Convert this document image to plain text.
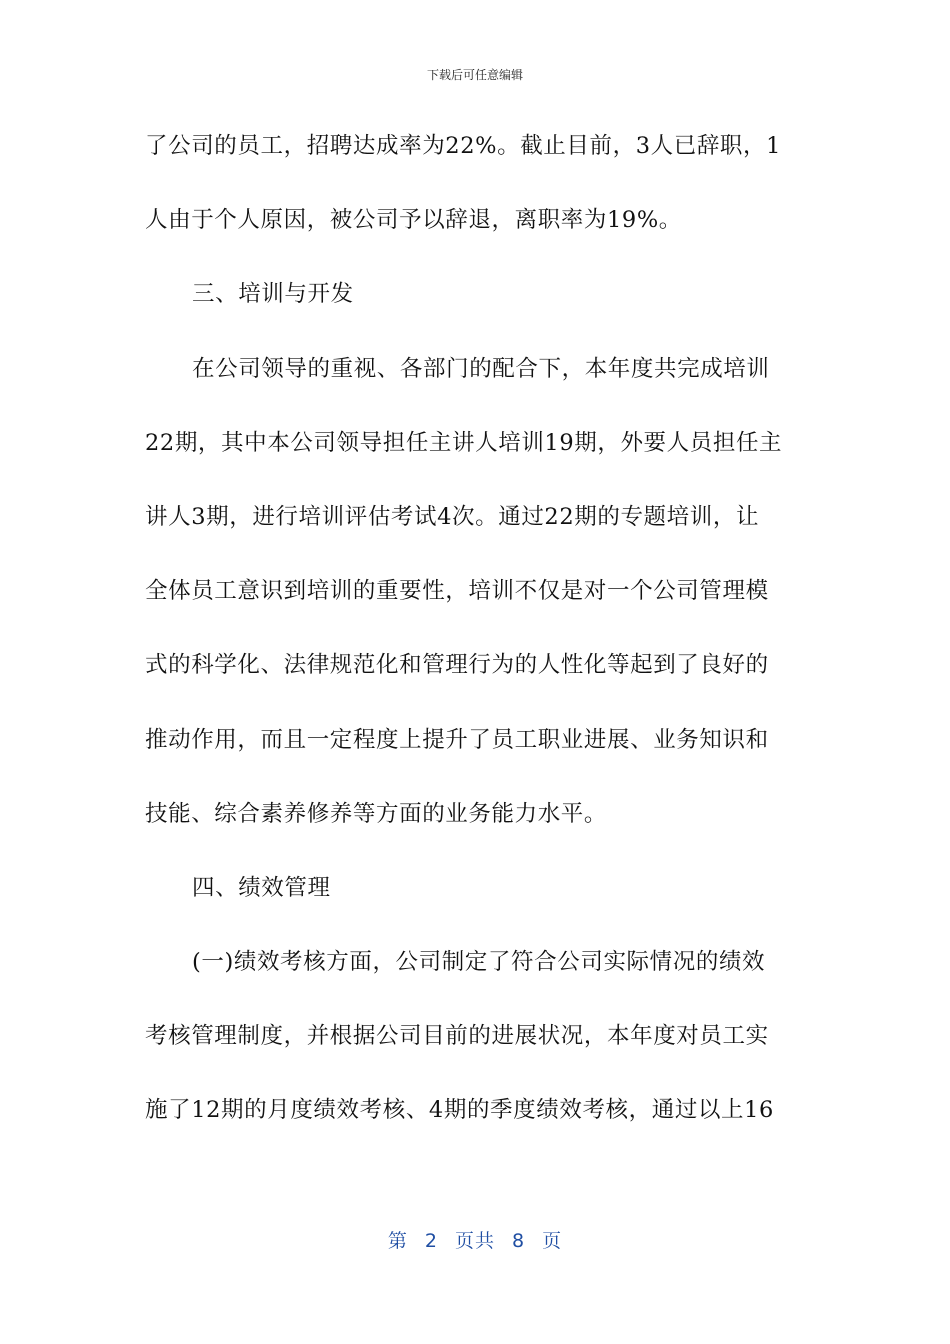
下载后可任意编辑
了公司的员工，招聘达成率为22%。截止目前，3人已辞职，1
人由于个人原因，被公司予以辞退，离职率为19%。
三、培训与开发
在公司领导的重视、各部门的配合下，本年度共完成培训
22期，其中本公司领导担任主讲人培训19期，外要人员担任主
讲人3期，进行培训评估考试4次。通过22期的专题培训，让
全体员工意识到培训的重要性，培训不仅是对一个公司管理模
式的科学化、法律规范化和管理行为的人性化等起到了良好的
推动作用，而且一定程度上提升了员工职业进展、业务知识和
技能、综合素养修养等方面的业务能力水平。
四、绩效管理
(一)绩效考核方面，公司制定了符合公司实际情况的绩效
考核管理制度，并根据公司目前的进展状况，本年度对员工实
施了12期的月度绩效考核、4期的季度绩效考核，通过以上16
第 2 页共 8 页
